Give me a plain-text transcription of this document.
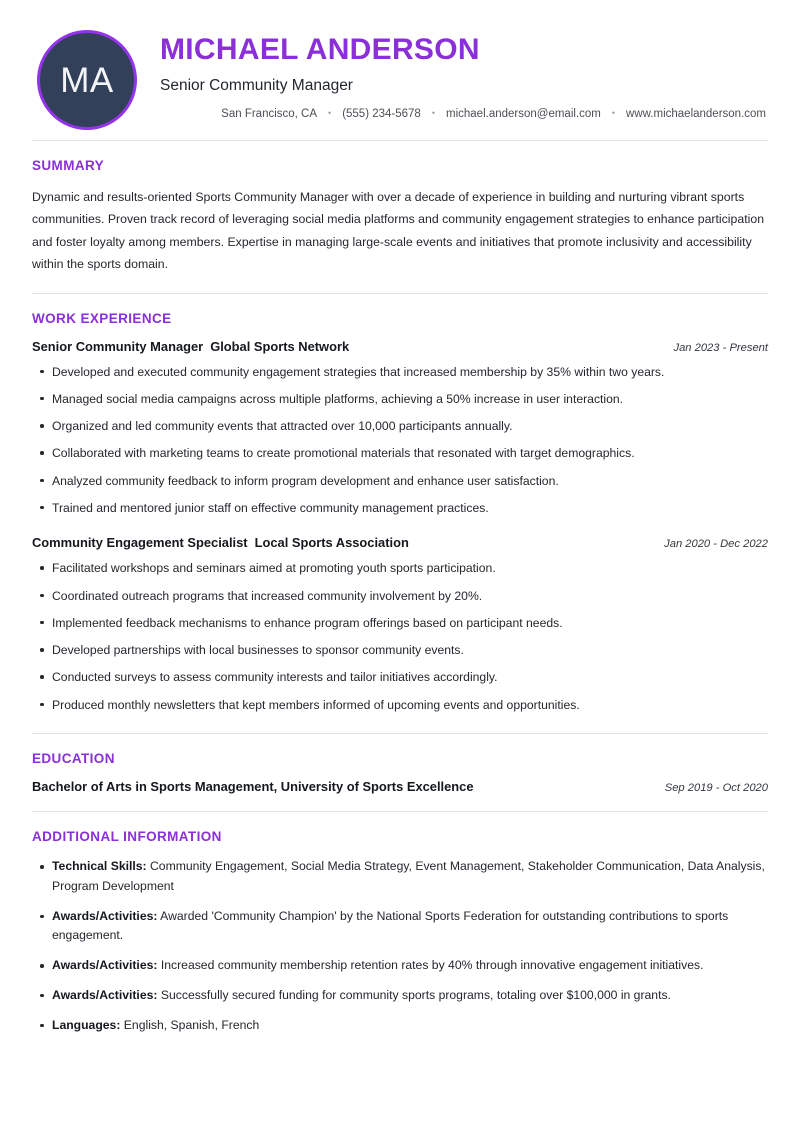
MA
MICHAEL ANDERSON
Senior Community Manager
San Francisco, CA • (555) 234-5678 • michael.anderson@email.com • www.michaelanderson.com
SUMMARY
Dynamic and results-oriented Sports Community Manager with over a decade of experience in building and nurturing vibrant sports communities. Proven track record of leveraging social media platforms and community engagement strategies to enhance participation and foster loyalty among members. Expertise in managing large-scale events and initiatives that promote inclusivity and accessibility within the sports domain.
WORK EXPERIENCE
Senior Community Manager Global Sports Network	Jan 2023 - Present
Developed and executed community engagement strategies that increased membership by 35% within two years.
Managed social media campaigns across multiple platforms, achieving a 50% increase in user interaction.
Organized and led community events that attracted over 10,000 participants annually.
Collaborated with marketing teams to create promotional materials that resonated with target demographics.
Analyzed community feedback to inform program development and enhance user satisfaction.
Trained and mentored junior staff on effective community management practices.
Community Engagement Specialist Local Sports Association	Jan 2020 - Dec 2022
Facilitated workshops and seminars aimed at promoting youth sports participation.
Coordinated outreach programs that increased community involvement by 20%.
Implemented feedback mechanisms to enhance program offerings based on participant needs.
Developed partnerships with local businesses to sponsor community events.
Conducted surveys to assess community interests and tailor initiatives accordingly.
Produced monthly newsletters that kept members informed of upcoming events and opportunities.
EDUCATION
Bachelor of Arts in Sports Management, University of Sports Excellence	Sep 2019 - Oct 2020
ADDITIONAL INFORMATION
Technical Skills: Community Engagement, Social Media Strategy, Event Management, Stakeholder Communication, Data Analysis, Program Development
Awards/Activities: Awarded 'Community Champion' by the National Sports Federation for outstanding contributions to sports engagement.
Awards/Activities: Increased community membership retention rates by 40% through innovative engagement initiatives.
Awards/Activities: Successfully secured funding for community sports programs, totaling over $100,000 in grants.
Languages: English, Spanish, French
